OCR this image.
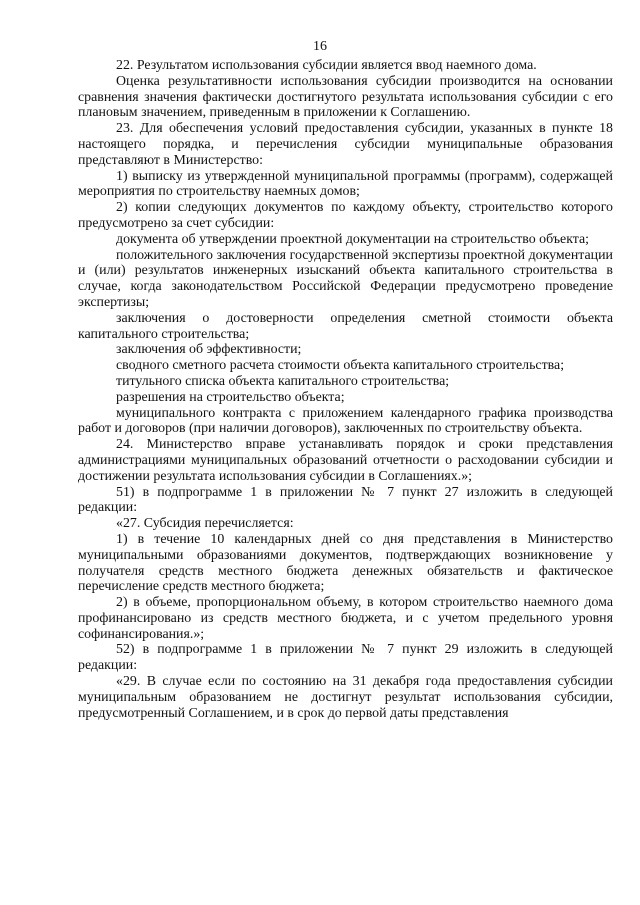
16

22. Результатом использования субсидии является ввод наемного дома.

Оценка результативности использования субсидии производится на основании сравнения значения фактически достигнутого результата использования субсидии с его плановым значением, приведенным в приложении к Соглашению.

23. Для обеспечения условий предоставления субсидии, указанных в пункте 18 настоящего порядка, и перечисления субсидии муниципальные образования представляют в Министерство:

1) выписку из утвержденной муниципальной программы (программ), содержащей мероприятия по строительству наемных домов;

2) копии следующих документов по каждому объекту, строительство которого предусмотрено за счет субсидии:

документа об утверждении проектной документации на строительство объекта;

положительного заключения государственной экспертизы проектной документации и (или) результатов инженерных изысканий объекта капитального строительства в случае, когда законодательством Российской Федерации предусмотрено проведение экспертизы;

заключения о достоверности определения сметной стоимости объекта капитального строительства;

заключения об эффективности;

сводного сметного расчета стоимости объекта капитального строительства;

титульного списка объекта капитального строительства;

разрешения на строительство объекта;

муниципального контракта с приложением календарного графика производства работ и договоров (при наличии договоров), заключенных по строительству объекта.

24. Министерство вправе устанавливать порядок и сроки представления администрациями муниципальных образований отчетности о расходовании субсидии и достижении результата использования субсидии в Соглашениях.»;

51) в подпрограмме 1 в приложении № 7 пункт 27 изложить в следующей редакции:

«27. Субсидия перечисляется:

1) в течение 10 календарных дней со дня представления в Министерство муниципальными образованиями документов, подтверждающих возникновение у получателя средств местного бюджета денежных обязательств и фактическое перечисление средств местного бюджета;

2) в объеме, пропорциональном объему, в котором строительство наемного дома профинансировано из средств местного бюджета, и с учетом предельного уровня софинансирования.»;

52) в подпрограмме 1 в приложении № 7 пункт 29 изложить в следующей редакции:

«29. В случае если по состоянию на 31 декабря года предоставления субсидии муниципальным образованием не достигнут результат использования субсидии, предусмотренный Соглашением, и в срок до первой даты представления
